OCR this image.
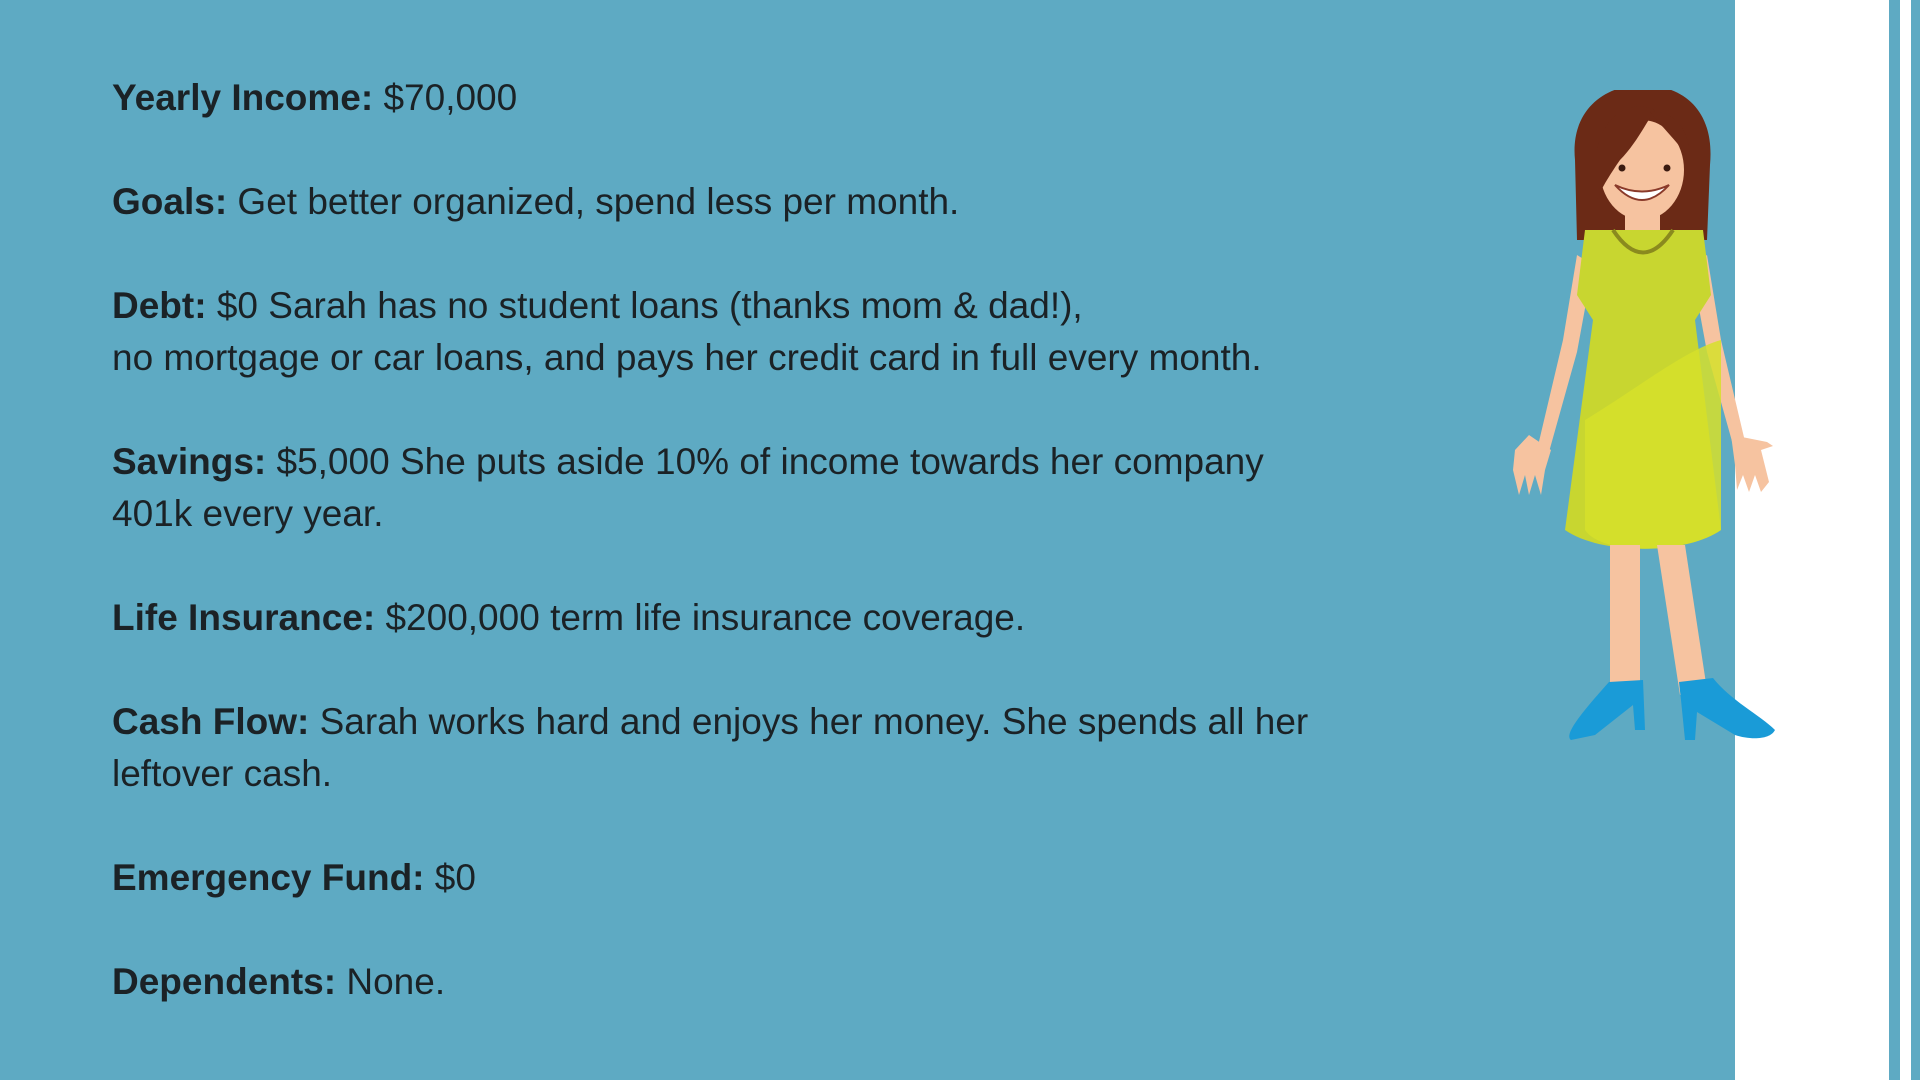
Yearly Income: $70,000
Goals: Get better organized, spend less per month.
Debt: $0 Sarah has no student loans (thanks mom & dad!),
no mortgage or car loans, and pays her credit card in full every month.
Savings: $5,000 She puts aside 10% of income towards her company 401k every year.
Life Insurance: $200,000 term life insurance coverage.
Cash Flow: Sarah works hard and enjoys her money. She spends all her leftover cash.
Emergency Fund: $0
Dependents: None.
